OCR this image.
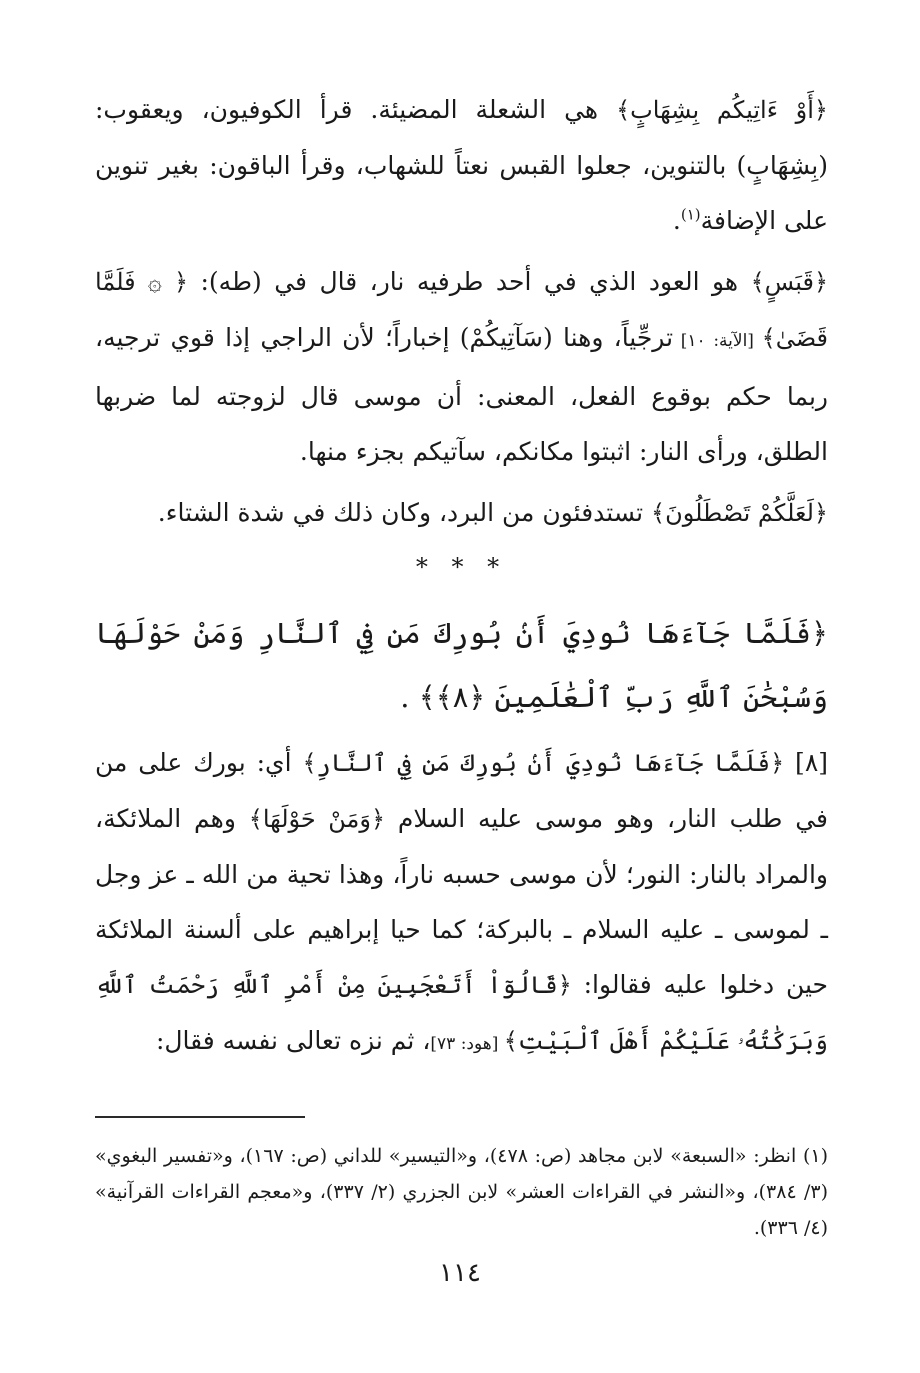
﴿أَوْ ءَاتِيكُم بِشِهَابٍ﴾ هي الشعلة المضيئة. قرأ الكوفيون، ويعقوب: (بِشِهَابٍ) بالتنوين، جعلوا القبس نعتاً للشهاب، وقرأ الباقون: بغير تنوين على الإضافة$^{(١)}$.

﴿قَبَسٍ﴾ هو العود الذي في أحد طرفيه نار، قال في (طه): ﴿ ۞ فَلَمَّا قَضَىٰ﴾ [الآية: ١٠] ترجِّياً، وهنا (سَآتِيكُمْ) إخباراً؛ لأن الراجي إذا قوي ترجيه، ربما حكم بوقوع الفعل، المعنى: أن موسى قال لزوجته لما ضربها الطلق، ورأى النار: اثبتوا مكانكم، سآتيكم بجزء منها.

﴿لَعَلَّكُمْ تَصْطَلُونَ﴾ تستدفئون من البرد، وكان ذلك في شدة الشتاء.

* * *

﴿فَلَمَّا جَآءَهَا نُودِيَ أَنۢ بُورِكَ مَن فِي ٱلنَّارِ وَمَنْ حَوْلَهَا وَسُبْحَٰنَ ٱللَّهِ رَبِّ ٱلْعَٰلَمِينَ ﴿٨﴾﴾ .

[٨] ﴿فَلَمَّا جَآءَهَا نُودِيَ أَنۢ بُورِكَ مَن فِي ٱلنَّارِ﴾ أي: بورك على من في طلب النار، وهو موسى عليه السلام ﴿وَمَنْ حَوْلَهَا﴾ وهم الملائكة، والمراد بالنار: النور؛ لأن موسى حسبه ناراً، وهذا تحية من الله ـ عز وجل ـ لموسى ـ عليه السلام ـ بالبركة؛ كما حيا إبراهيم على ألسنة الملائكة حين دخلوا عليه فقالوا: ﴿قَالُوٓاْ أَتَعْجَبِينَ مِنْ أَمْرِ ٱللَّهِ رَحْمَتُ ٱللَّهِ وَبَرَكَٰتُهُۥ عَلَيْكُمْ أَهْلَ ٱلْبَيْتِ﴾ [هود: ٧٣]، ثم نزه تعالى نفسه فقال:

(١) انظر: «السبعة» لابن مجاهد (ص: ٤٧٨)، و«التيسير» للداني (ص: ١٦٧)، و«تفسير البغوي» (٣/ ٣٨٤)، و«النشر في القراءات العشر» لابن الجزري (٢/ ٣٣٧)، و«معجم القراءات القرآنية» (٤/ ٣٣٦).

١١٤
